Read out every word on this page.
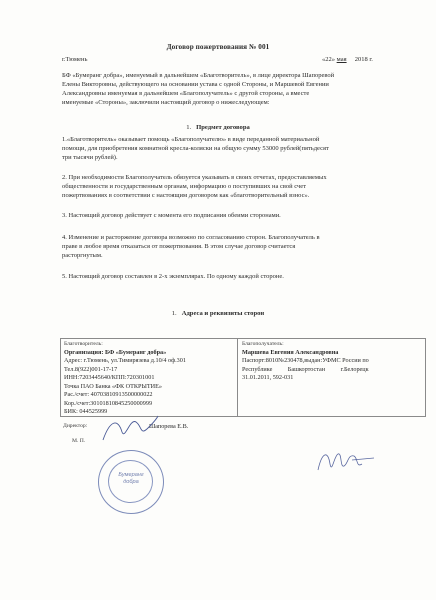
Договор пожертвования № 001
г.Тюмень	«22» мая 2018 г.
БФ «Бумеранг добра», именуемый в дальнейшем «Благотворитель», в лице директора Шапоревой
Елены Викторовны, действующего на основании устава с одной Стороны, и Маршевой Евгении
Александровны именуемая в дальнейшем «Благополучатель» с другой стороны, а вместе
именуемые «Стороны», заключили настоящий договор о нижеследующем:
1. Предмет договора
1.«Благотворитель» оказывает помощь «Благополучателю» в виде переданной материальной
помощи, для приобретения комнатной кресла-коляски на общую сумму 53000 рублей(пятьдесят
три тысячи рублей).
2. При необходимости Благополучатель обязуется указывать в своих отчетах, предоставляемых
общественности и государственным органам, информацию о поступивших на свой счет
пожертвованиях в соответствии с настоящим договором как «благотворительный взнос».
3. Настоящий договор действует с момента его подписания обеими сторонами.
4. Изменение и расторжение договора возможно по согласованию сторон. Благополучатель в
праве в любое время отказаться от пожертвования. В этом случае договор считается
расторгнутым.
5. Настоящий договор составлен в 2-х экземплярах. По одному каждой стороне.
1. Адреса и реквизиты сторон
Благотворитель:
Организация: БФ «Бумеранг добра»
Адрес: г.Тюмень, ул.Тимирязева д.10/4 оф.301
Тел.8(922)001-17-17
ИНН:7203445640/КПП:720301001
Точка ПАО Банка «ФК ОТКРЫТИЕ»
Рас./счет: 40703810913500000022
Кор./счет:30101810845250000999
БИК: 044525999
Благополучатель:
Маршева Евгения Александровна
Паспорт:8010№230478,выдан:УФМС России по
Республике          Башкортостан          г.Белорецк
31.01.2011, 592-031
Директор:	Шапорева Е.В.
М. П.
Бумеранг
добра
